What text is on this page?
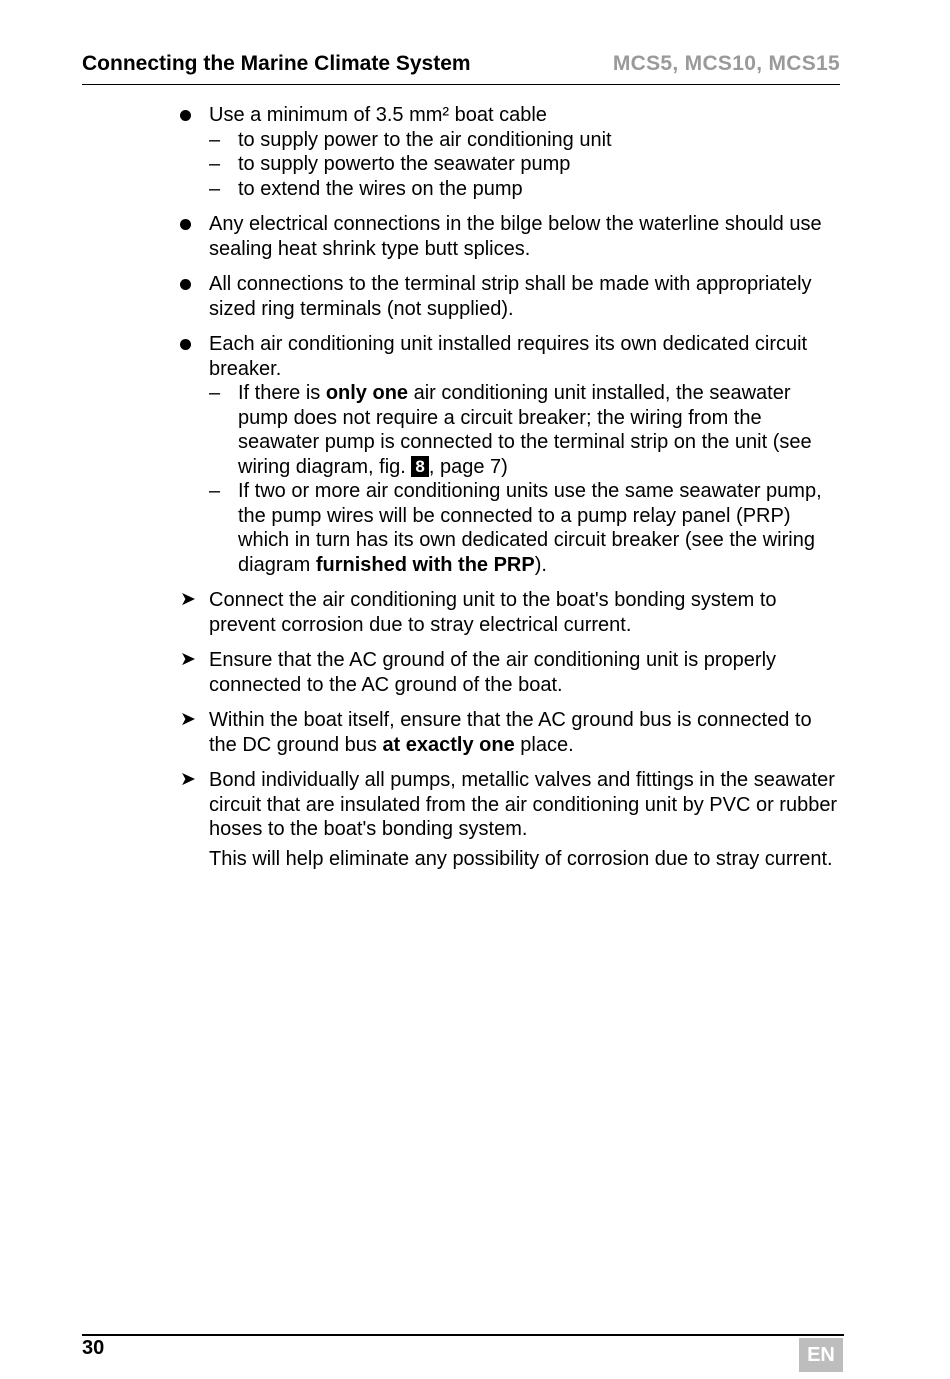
Connecting the Marine Climate System	MCS5, MCS10, MCS15
Use a minimum of 3.5 mm² boat cable
– to supply power to the air conditioning unit
– to supply powerto the seawater pump
– to extend the wires on the pump
Any electrical connections in the bilge below the waterline should use sealing heat shrink type butt splices.
All connections to the terminal strip shall be made with appropriately sized ring terminals (not supplied).
Each air conditioning unit installed requires its own dedicated circuit breaker.
– If there is only one air conditioning unit installed, the seawater pump does not require a circuit breaker; the wiring from the seawater pump is connected to the terminal strip on the unit (see wiring diagram, fig. 8 , page 7)
– If two or more air conditioning units use the same seawater pump, the pump wires will be connected to a pump relay panel (PRP) which in turn has its own dedicated circuit breaker (see the wiring diagram furnished with the PRP).
➤ Connect the air conditioning unit to the boat's bonding system to prevent corrosion due to stray electrical current.
➤ Ensure that the AC ground of the air conditioning unit is properly connected to the AC ground of the boat.
➤ Within the boat itself, ensure that the AC ground bus is connected to the DC ground bus at exactly one place.
➤ Bond individually all pumps, metallic valves and fittings in the seawater circuit that are insulated from the air conditioning unit by PVC or rubber hoses to the boat's bonding system.
This will help eliminate any possibility of corrosion due to stray current.
30	EN
